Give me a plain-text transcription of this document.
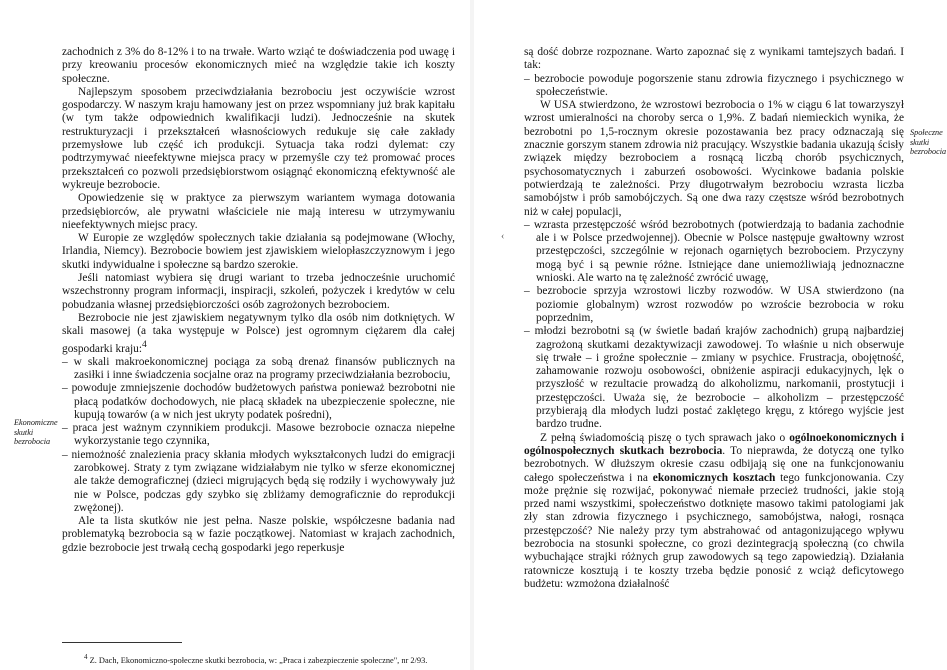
zachodnich z 3% do 8-12% i to na trwałe. Warto wziąć te doświadczenia pod uwagę i przy kreowaniu procesów ekonomicznych mieć na względzie takie ich koszty społeczne.

Najlepszym sposobem przeciwdziałania bezrobociu jest oczywiście wzrost gospodarczy. W naszym kraju hamowany jest on przez wspomniany już brak kapitału (w tym także odpowiednich kwalifikacji ludzi). Jednocześnie na skutek restrukturyzacji i przekształceń własnościowych redukuje się całe zakłady przemysłowe lub część ich produkcji. Sytuacja taka rodzi dylemat: czy podtrzymywać nieefektywne miejsca pracy w przemyśle czy też promować proces przekształceń co pozwoli przedsiębiorstwom osiągnąć ekonomiczną efektywność ale wykreuje bezrobocie.

Opowiedzenie się w praktyce za pierwszym wariantem wymaga dotowania przedsiębiorców, ale prywatni właściciele nie mają interesu w utrzymywaniu nieefektywnych miejsc pracy.

W Europie ze względów społecznych takie działania są podejmowane (Włochy, Irlandia, Niemcy). Bezrobocie bowiem jest zjawiskiem wielopłaszczyznowym i jego skutki indywidualne i społeczne są bardzo szerokie.

Jeśli natomiast wybiera się drugi wariant to trzeba jednocześnie uruchomić wszechstronny program informacji, inspiracji, szkoleń, pożyczek i kredytów w celu pobudzania własnej przedsiębiorczości osób zagrożonych bezrobociem.

Bezrobocie nie jest zjawiskiem negatywnym tylko dla osób nim dotkniętych. W skali masowej (a taka występuje w Polsce) jest ogromnym ciężarem dla całej gospodarki kraju:$^4$

– w skali makroekonomicznej pociąga za sobą drenaż finansów publicznych na zasiłki i inne świadczenia socjalne oraz na programy przeciwdziałania bezrobociu,

– powoduje zmniejszenie dochodów budżetowych państwa ponieważ bezrobotni nie płacą podatków dochodowych, nie płacą składek na ubezpieczenie społeczne, nie kupują towarów (a w nich jest ukryty podatek pośredni),

– praca jest ważnym czynnikiem produkcji. Masowe bezrobocie oznacza niepełne wykorzystanie tego czynnika,

– niemożność znalezienia pracy skłania młodych wykształconych ludzi do emigracji zarobkowej. Straty z tym związane widziałabym nie tylko w sferze ekonomicznej ale także demograficznej (dzieci migrujących będą się rodziły i wychowywały już nie w Polsce, podczas gdy szybko się zbliżamy demograficznie do reprodukcji zwężonej).

Ale ta lista skutków nie jest pełna. Nasze polskie, współczesne badania nad problematyką bezrobocia są w fazie początkowej. Natomiast w krajach zachodnich, gdzie bezrobocie jest trwałą cechą gospodarki jego reperkusje

Ekonomiczne skutki bezrobocia
$^4$ Z. Dach, Ekonomiczno-społeczne skutki bezrobocia, w: „Praca i zabezpieczenie społeczne", nr 2/93.
‹

są dość dobrze rozpoznane. Warto zapoznać się z wynikami tamtejszych badań. I tak:

– bezrobocie powoduje pogorszenie stanu zdrowia fizycznego i psychicznego w społeczeństwie.

W USA stwierdzono, że wzrostowi bezrobocia o 1% w ciągu 6 lat towarzyszył wzrost umieralności na choroby serca o 1,9%. Z badań niemieckich wynika, że bezrobotni po 1,5-rocznym okresie pozostawania bez pracy odznaczają się znacznie gorszym stanem zdrowia niż pracujący. Wszystkie badania ukazują ścisły związek między bezrobociem a rosnącą liczbą chorób psychicznych, psychosomatycznych i zaburzeń osobowości. Wycinkowe badania polskie potwierdzają te zależności. Przy długotrwałym bezrobociu wzrasta liczba samobójstw i prób samobójczych. Są one dwa razy częstsze wśród bezrobotnych niż w całej populacji,

– wzrasta przestępczość wśród bezrobotnych (potwierdzają to badania zachodnie ale i w Polsce przedwojennej). Obecnie w Polsce następuje gwałtowny wzrost przestępczości, szczególnie w rejonach ogarniętych bezrobociem. Przyczyny mogą być i są pewnie różne. Istniejące dane uniemożliwiają jednoznaczne wnioski. Ale warto na tę zależność zwrócić uwagę,

– bezrobocie sprzyja wzrostowi liczby rozwodów. W USA stwierdzono (na poziomie globalnym) wzrost rozwodów po wzroście bezrobocia w roku poprzednim,

– młodzi bezrobotni są (w świetle badań krajów zachodnich) grupą najbardziej zagrożoną skutkami dezaktywizacji zawodowej. To właśnie u nich obserwuje się trwałe – i groźne społecznie – zmiany w psychice. Frustracja, obojętność, zahamowanie rozwoju osobowości, obniżenie aspiracji edukacyjnych, lęk o przyszłość w rezultacie prowadzą do alkoholizmu, narkomanii, prostytucji i przestępczości. Uważa się, że bezrobocie – alkoholizm – przestępczość przybierają dla młodych ludzi postać zaklętego kręgu, z którego wyjście jest bardzo trudne.

Z pełną świadomością piszę o tych sprawach jako o ogólnoekonomicznych i ogólnospołecznych skutkach bezrobocia. To nieprawda, że dotyczą one tylko bezrobotnych. W dłuższym okresie czasu odbijają się one na funkcjonowaniu całego społeczeństwa i na ekonomicznych kosztach tego funkcjonowania. Czy może prężnie się rozwijać, pokonywać niemałe przecież trudności, jakie stoją przed nami wszystkimi, społeczeństwo dotknięte masowo takimi patologiami jak zły stan zdrowia fizycznego i psychicznego, samobójstwa, nałogi, rosnąca przestępczość? Nie należy przy tym abstrahować od antagonizującego wpływu bezrobocia na stosunki społeczne, co grozi dezintegracją społeczną (co chwila wybuchające strajki różnych grup zawodowych są tego zapowiedzią). Działania ratownicze kosztują i te koszty trzeba będzie ponosić z wciąż deficytowego budżetu: wzmożona działalność

Społeczne skutki bezrobocia
